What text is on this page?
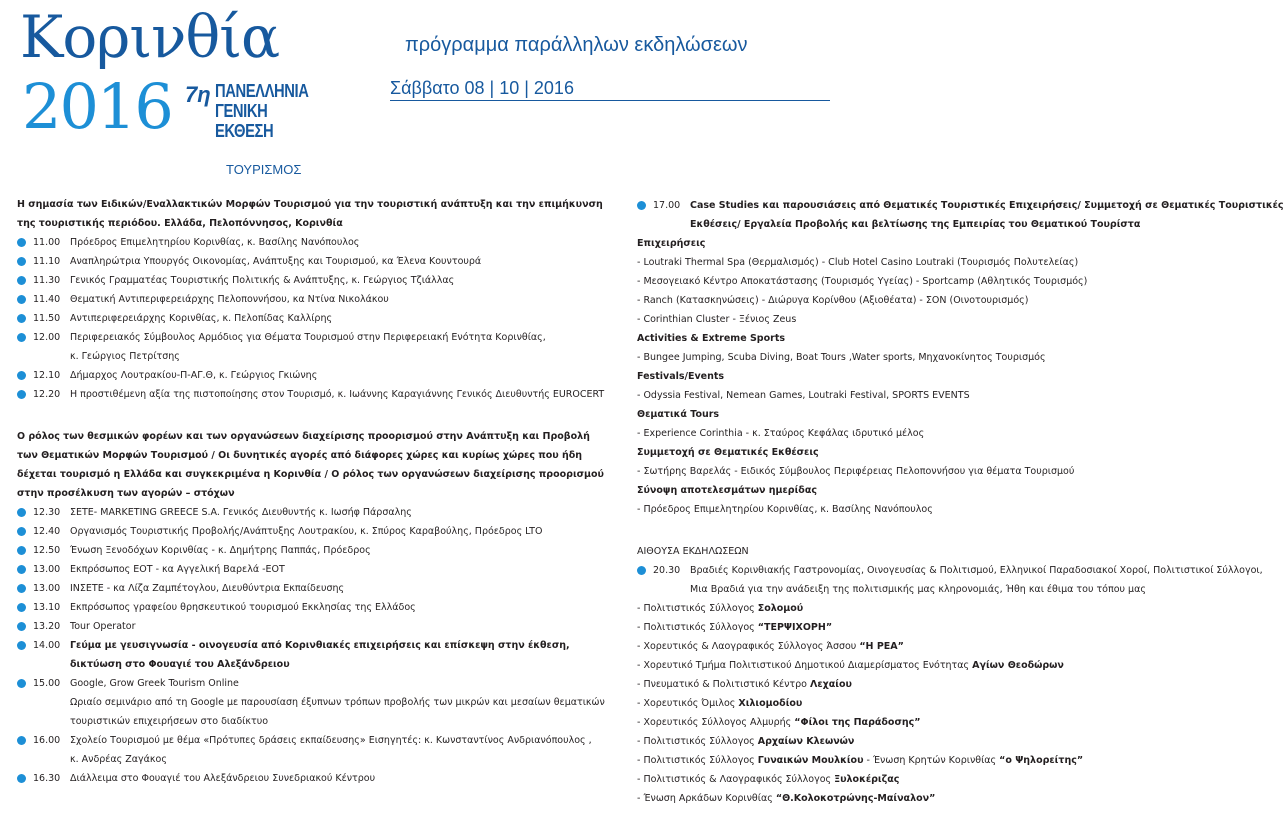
Κορινθία
2016 7η ΠΑΝΕΛΛΗΝΙΑ
ΓΕΝΙΚΗ
ΕΚΘΕΣΗ
πρόγραμμα παράλληλων εκδηλώσεων
Σάββατο 08 | 10 | 2016
ΤΟΥΡΙΣΜΟΣ
Η σημασία των Ειδικών/Εναλλακτικών Μορφών Τουρισμού για την τουριστική ανάπτυξη και την επιμήκυνση
της τουριστικής περιόδου. Ελλάδα, Πελοπόννησος, Κορινθία
11.00 Πρόεδρος Επιμελητηρίου Κορινθίας, κ. Βασίλης Νανόπουλος
11.10 Αναπληρώτρια Υπουργός Οικονομίας, Ανάπτυξης και Τουρισμού, κα Έλενα Κουντουρά
11.30 Γενικός Γραμματέας Τουριστικής Πολιτικής & Ανάπτυξης, κ. Γεώργιος Τζιάλλας
11.40 Θεματική Αντιπεριφερειάρχης Πελοποννήσου, κα Ντίνα Νικολάκου
11.50 Αντιπεριφερειάρχης Κορινθίας, κ. Πελοπίδας Καλλίρης
12.00 Περιφερειακός Σύμβουλος Αρμόδιος για Θέματα Τουρισμού στην Περιφερειακή Ενότητα Κορινθίας,
κ. Γεώργιος Πετρίτσης
12.10 Δήμαρχος Λουτρακίου-Π-ΑΓ.Θ, κ. Γεώργιος Γκιώνης
12.20 Η προστιθέμενη αξία της πιστοποίησης στον Τουρισμό, κ. Ιωάννης Καραγιάννης Γενικός Διευθυντής EUROCERT
Ο ρόλος των θεσμικών φορέων και των οργανώσεων διαχείρισης προορισμού στην Ανάπτυξη και Προβολή
των Θεματικών Μορφών Τουρισμού / Οι δυνητικές αγορές από διάφορες χώρες και κυρίως χώρες που ήδη
δέχεται τουρισμό η Ελλάδα και συγκεκριμένα η Κορινθία / Ο ρόλος των οργανώσεων διαχείρισης προορισμού
στην προσέλκυση των αγορών – στόχων
12.30 ΣΕΤΕ- MARKETING GREECE S.A. Γενικός Διευθυντής κ. Ιωσήφ Πάρσαλης
12.40 Οργανισμός Τουριστικής Προβολής/Ανάπτυξης Λουτρακίου, κ. Σπύρος Καραβούλης, Πρόεδρος LTO
12.50 Ένωση Ξενοδόχων Κορινθίας - κ. Δημήτρης Παππάς, Πρόεδρος
13.00 Εκπρόσωπος ΕΟΤ - κα Αγγελική Βαρελά -ΕΟΤ
13.00 ΙΝΣΕΤΕ - κα Λίζα Ζαμπέτογλου, Διευθύντρια Εκπαίδευσης
13.10 Εκπρόσωπος γραφείου θρησκευτικού τουρισμού Εκκλησίας της Ελλάδος
13.20 Tour Operator
14.00 Γεύμα με γευσιγνωσία - οινογευσία από Κορινθιακές επιχειρήσεις και επίσκεψη στην έκθεση,
δικτύωση στο Φουαγιέ του Αλεξάνδρειου
15.00 Google, Grow Greek Tourism Online
Ωριαίο σεμινάριο από τη Google με παρουσίαση έξυπνων τρόπων προβολής των μικρών και μεσαίων θεματικών
τουριστικών επιχειρήσεων στο διαδίκτυο
16.00 Σχολείο Τουρισμού με θέμα «Πρότυπες δράσεις εκπαίδευσης» Εισηγητές: κ. Κωνσταντίνος Ανδριανόπουλος ,
κ. Ανδρέας Ζαγάκος
16.30 Διάλλειμα στο Φουαγιέ του Αλεξάνδρειου Συνεδριακού Κέντρου
17.00 Case Studies και παρουσιάσεις από Θεματικές Τουριστικές Επιχειρήσεις/ Συμμετοχή σε Θεματικές Τουριστικές
Εκθέσεις/ Εργαλεία Προβολής και βελτίωσης της Εμπειρίας του Θεματικού Τουρίστα
Επιχειρήσεις
- Loutraki Thermal Spa (Θερμαλισμός) - Club Hotel Casino Loutraki (Τουρισμός Πολυτελείας)
- Μεσογειακό Κέντρο Αποκατάστασης (Τουρισμός Υγείας) - Sportcamp (Αθλητικός Τουρισμός)
- Ranch (Κατασκηνώσεις) - Διώρυγα Κορίνθου (Αξιοθέατα) - ΣΟΝ (Οινοτουρισμός)
- Corinthian Cluster - Ξένιος Zeus
Activities & Extreme Sports
- Bungee Jumping, Scuba Diving, Boat Tours ,Water sports, Μηχανοκίνητος Τουρισμός
Festivals/Events
- Odyssia Festival, Nemean Games, Loutraki Festival, SPORTS EVENTS
Θεματικά Tours
- Experience Corinthia - κ. Σταύρος Κεφάλας ιδρυτικό μέλος
Συμμετοχή σε Θεματικές Εκθέσεις
- Σωτήρης Βαρελάς - Ειδικός Σύμβουλος Περιφέρειας Πελοποννήσου για θέματα Τουρισμού
Σύνοψη αποτελεσμάτων ημερίδας
- Πρόεδρος Επιμελητηρίου Κορινθίας, κ. Βασίλης Νανόπουλος
ΑΙΘΟΥΣΑ ΕΚΔΗΛΩΣΕΩΝ
20.30 Βραδιές Κορινθιακής Γαστρονομίας, Οινογευσίας & Πολιτισμού, Ελληνικοί Παραδοσιακοί Χοροί, Πολιτιστικοί Σύλλογοι,
Μια Βραδιά για την ανάδειξη της πολιτισμικής μας κληρονομιάς, Ήθη και έθιμα του τόπου μας
- Πολιτιστικός Σύλλογος Σολομού
- Πολιτιστικός Σύλλογος “ΤΕΡΨΙΧΟΡΗ”
- Χορευτικός & Λαογραφικός Σύλλογος Άσσου “Η ΡΕΑ”
- Χορευτικό Τμήμα Πολιτιστικού Δημοτικού Διαμερίσματος Ενότητας Αγίων Θεοδώρων
- Πνευματικό & Πολιτιστικό Κέντρο Λεχαίου
- Χορευτικός Όμιλος Χιλιομοδίου
- Χορευτικός Σύλλογος Αλμυρής “Φίλοι της Παράδοσης”
- Πολιτιστικός Σύλλογος Αρχαίων Κλεωνών
- Πολιτιστικός Σύλλογος Γυναικών Μουλκίου - Ένωση Κρητών Κορινθίας “ο Ψηλορείτης”
- Πολιτιστικός & Λαογραφικός Σύλλογος Ξυλοκέριζας
- Ένωση Αρκάδων Κορινθίας “Θ.Κολοκοτρώνης-Μαίναλον”
